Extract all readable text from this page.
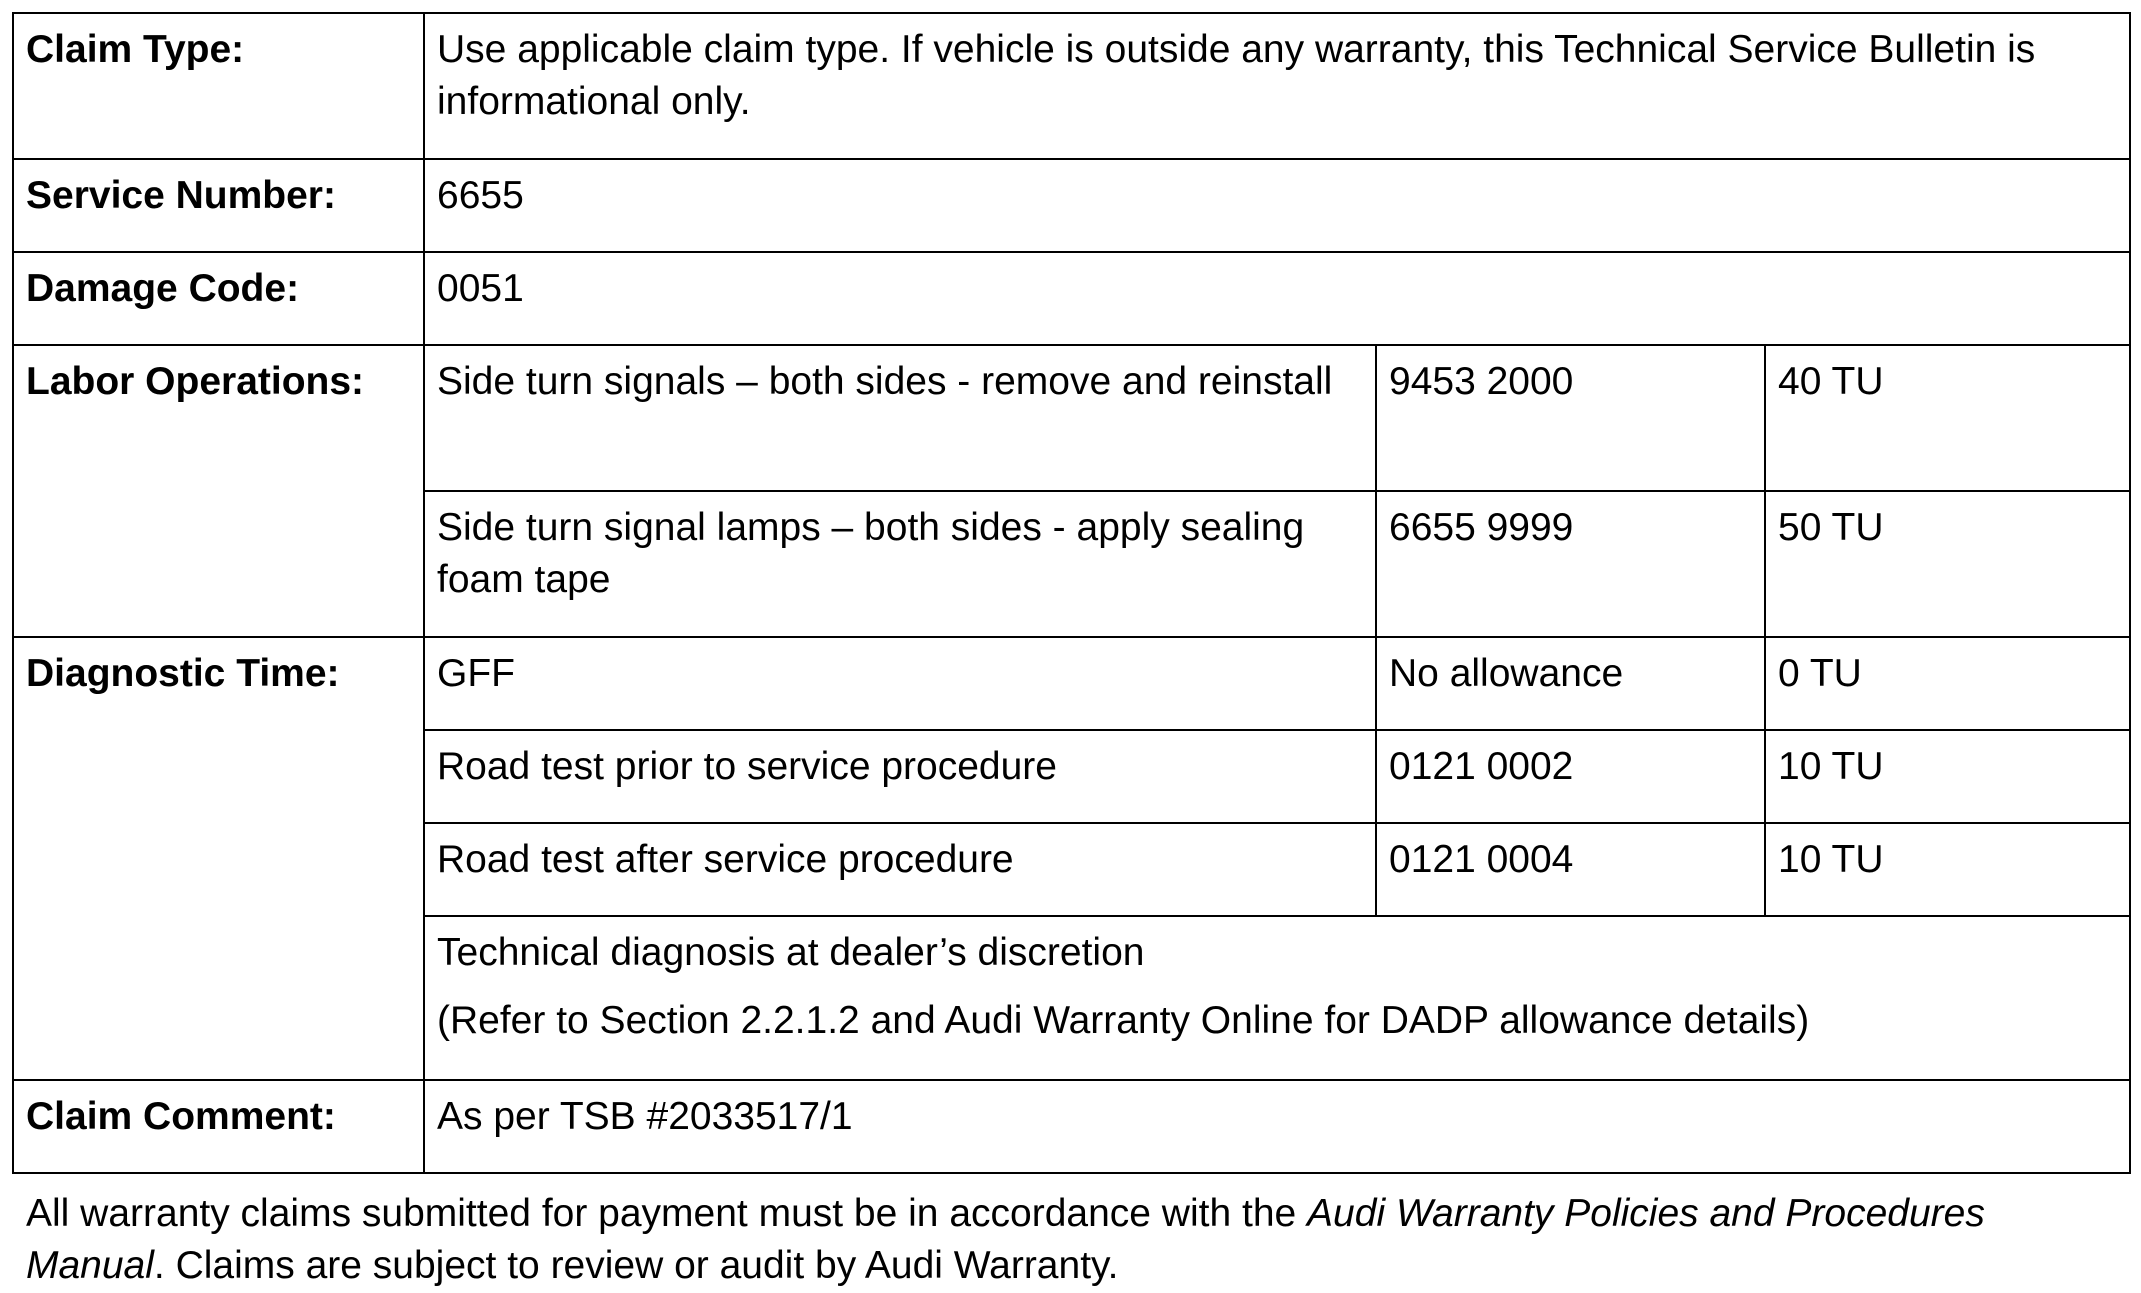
Claim Type:	Use applicable claim type. If vehicle is outside any warranty, this Technical Service Bulletin is informational only.		
Service Number:	6655		
Damage Code:	0051		
Labor Operations:	Side turn signals – both sides - remove and reinstall	9453 2000	40 TU
	Side turn signal lamps – both sides - apply sealing foam tape	6655 9999	50 TU
Diagnostic Time:	GFF	No allowance	0 TU
	Road test prior to service procedure	0121 0002	10 TU
	Road test after service procedure	0121 0004	10 TU

	Technical diagnosis at dealer’s discretion
(Refer to Section 2.2.1.2 and Audi Warranty Online for DADP allowance details)		

Claim Comment:	As per TSB #2033517/1		
All warranty claims submitted for payment must be in accordance with the Audi Warranty Policies and Procedures Manual. Claims are subject to review or audit by Audi Warranty.
